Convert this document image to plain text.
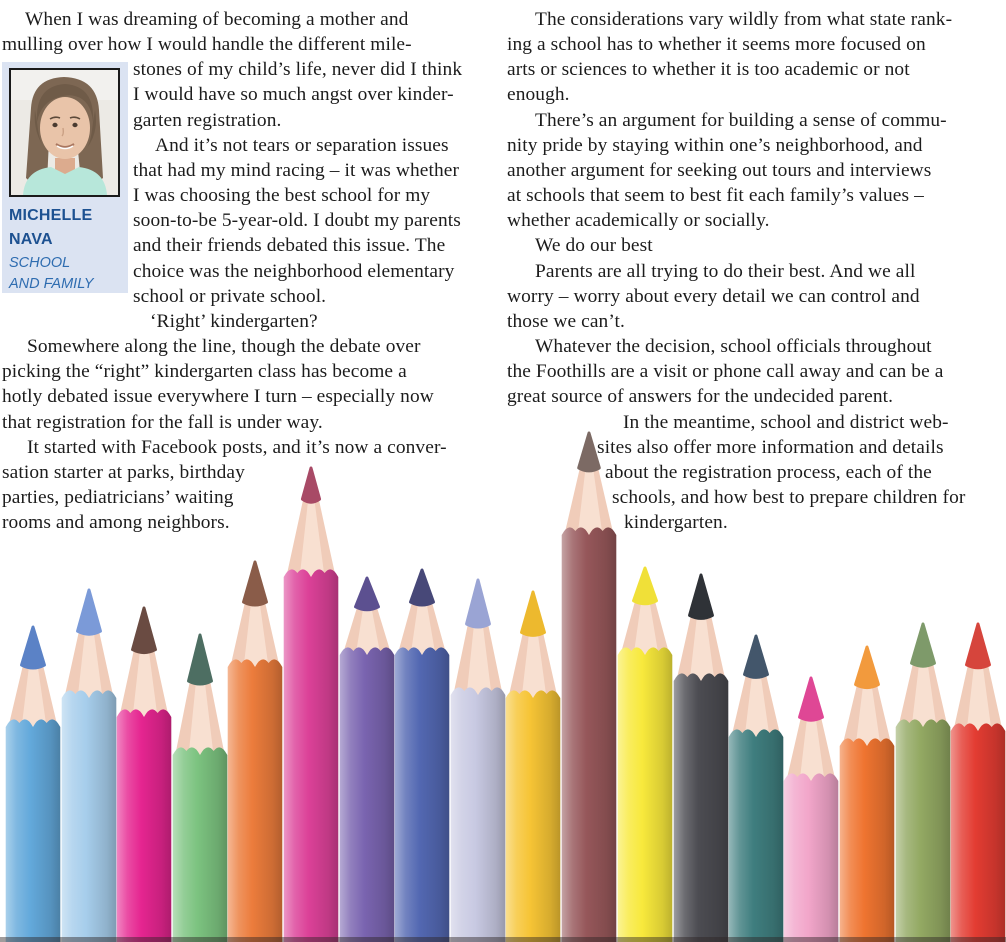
When I was dreaming of becoming a mother and
mulling over how I would handle the different mile-
stones of my child’s life, never did I think
I would have so much angst over kinder-
garten registration.
And it’s not tears or separation issues
that had my mind racing – it was whether
I was choosing the best school for my
soon-to-be 5-year-old. I doubt my parents
and their friends debated this issue. The
choice was the neighborhood elementary
school or private school.
‘Right’ kindergarten?
Somewhere along the line, though the debate over
picking the “right” kindergarten class has become a
hotly debated issue everywhere I turn – especially now
that registration for the fall is under way.
It started with Facebook posts, and it’s now a conver-
sation starter at parks, birthday
parties, pediatricians’ waiting
rooms and among neighbors.
The considerations vary wildly from what state rank-
ing a school has to whether it seems more focused on
arts or sciences to whether it is too academic or not
enough.
There’s an argument for building a sense of commu-
nity pride by staying within one’s neighborhood, and
another argument for seeking out tours and interviews
at schools that seem to best fit each family’s values –
whether academically or socially.
We do our best
Parents are all trying to do their best. And we all
worry – worry about every detail we can control and
those we can’t.
Whatever the decision, school officials throughout
the Foothills are a visit or phone call away and can be a
great source of answers for the undecided parent.
In the meantime, school and district web-
sites also offer more information and details
about the registration process, each of the
schools, and how best to prepare children for
kindergarten.
MICHELLE
NAVA
SCHOOL
AND FAMILY
